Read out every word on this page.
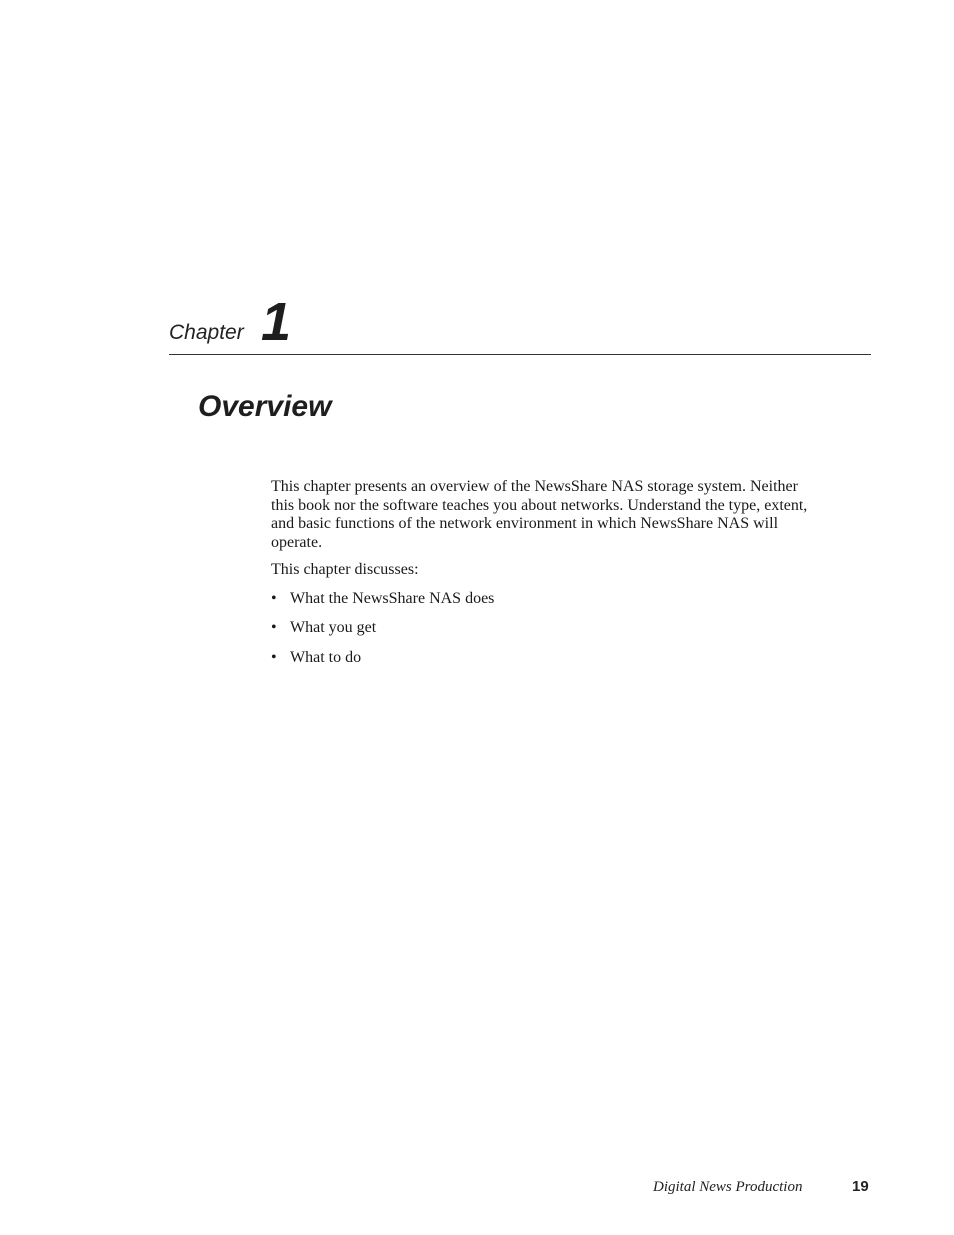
Chapter 1
Overview

This chapter presents an overview of the NewsShare NAS storage system. Neither this book nor the software teaches you about networks. Understand the type, extent, and basic functions of the network environment in which NewsShare NAS will operate.

This chapter discusses:

• What the NewsShare NAS does
• What you get
• What to do
Digital News Production	19
